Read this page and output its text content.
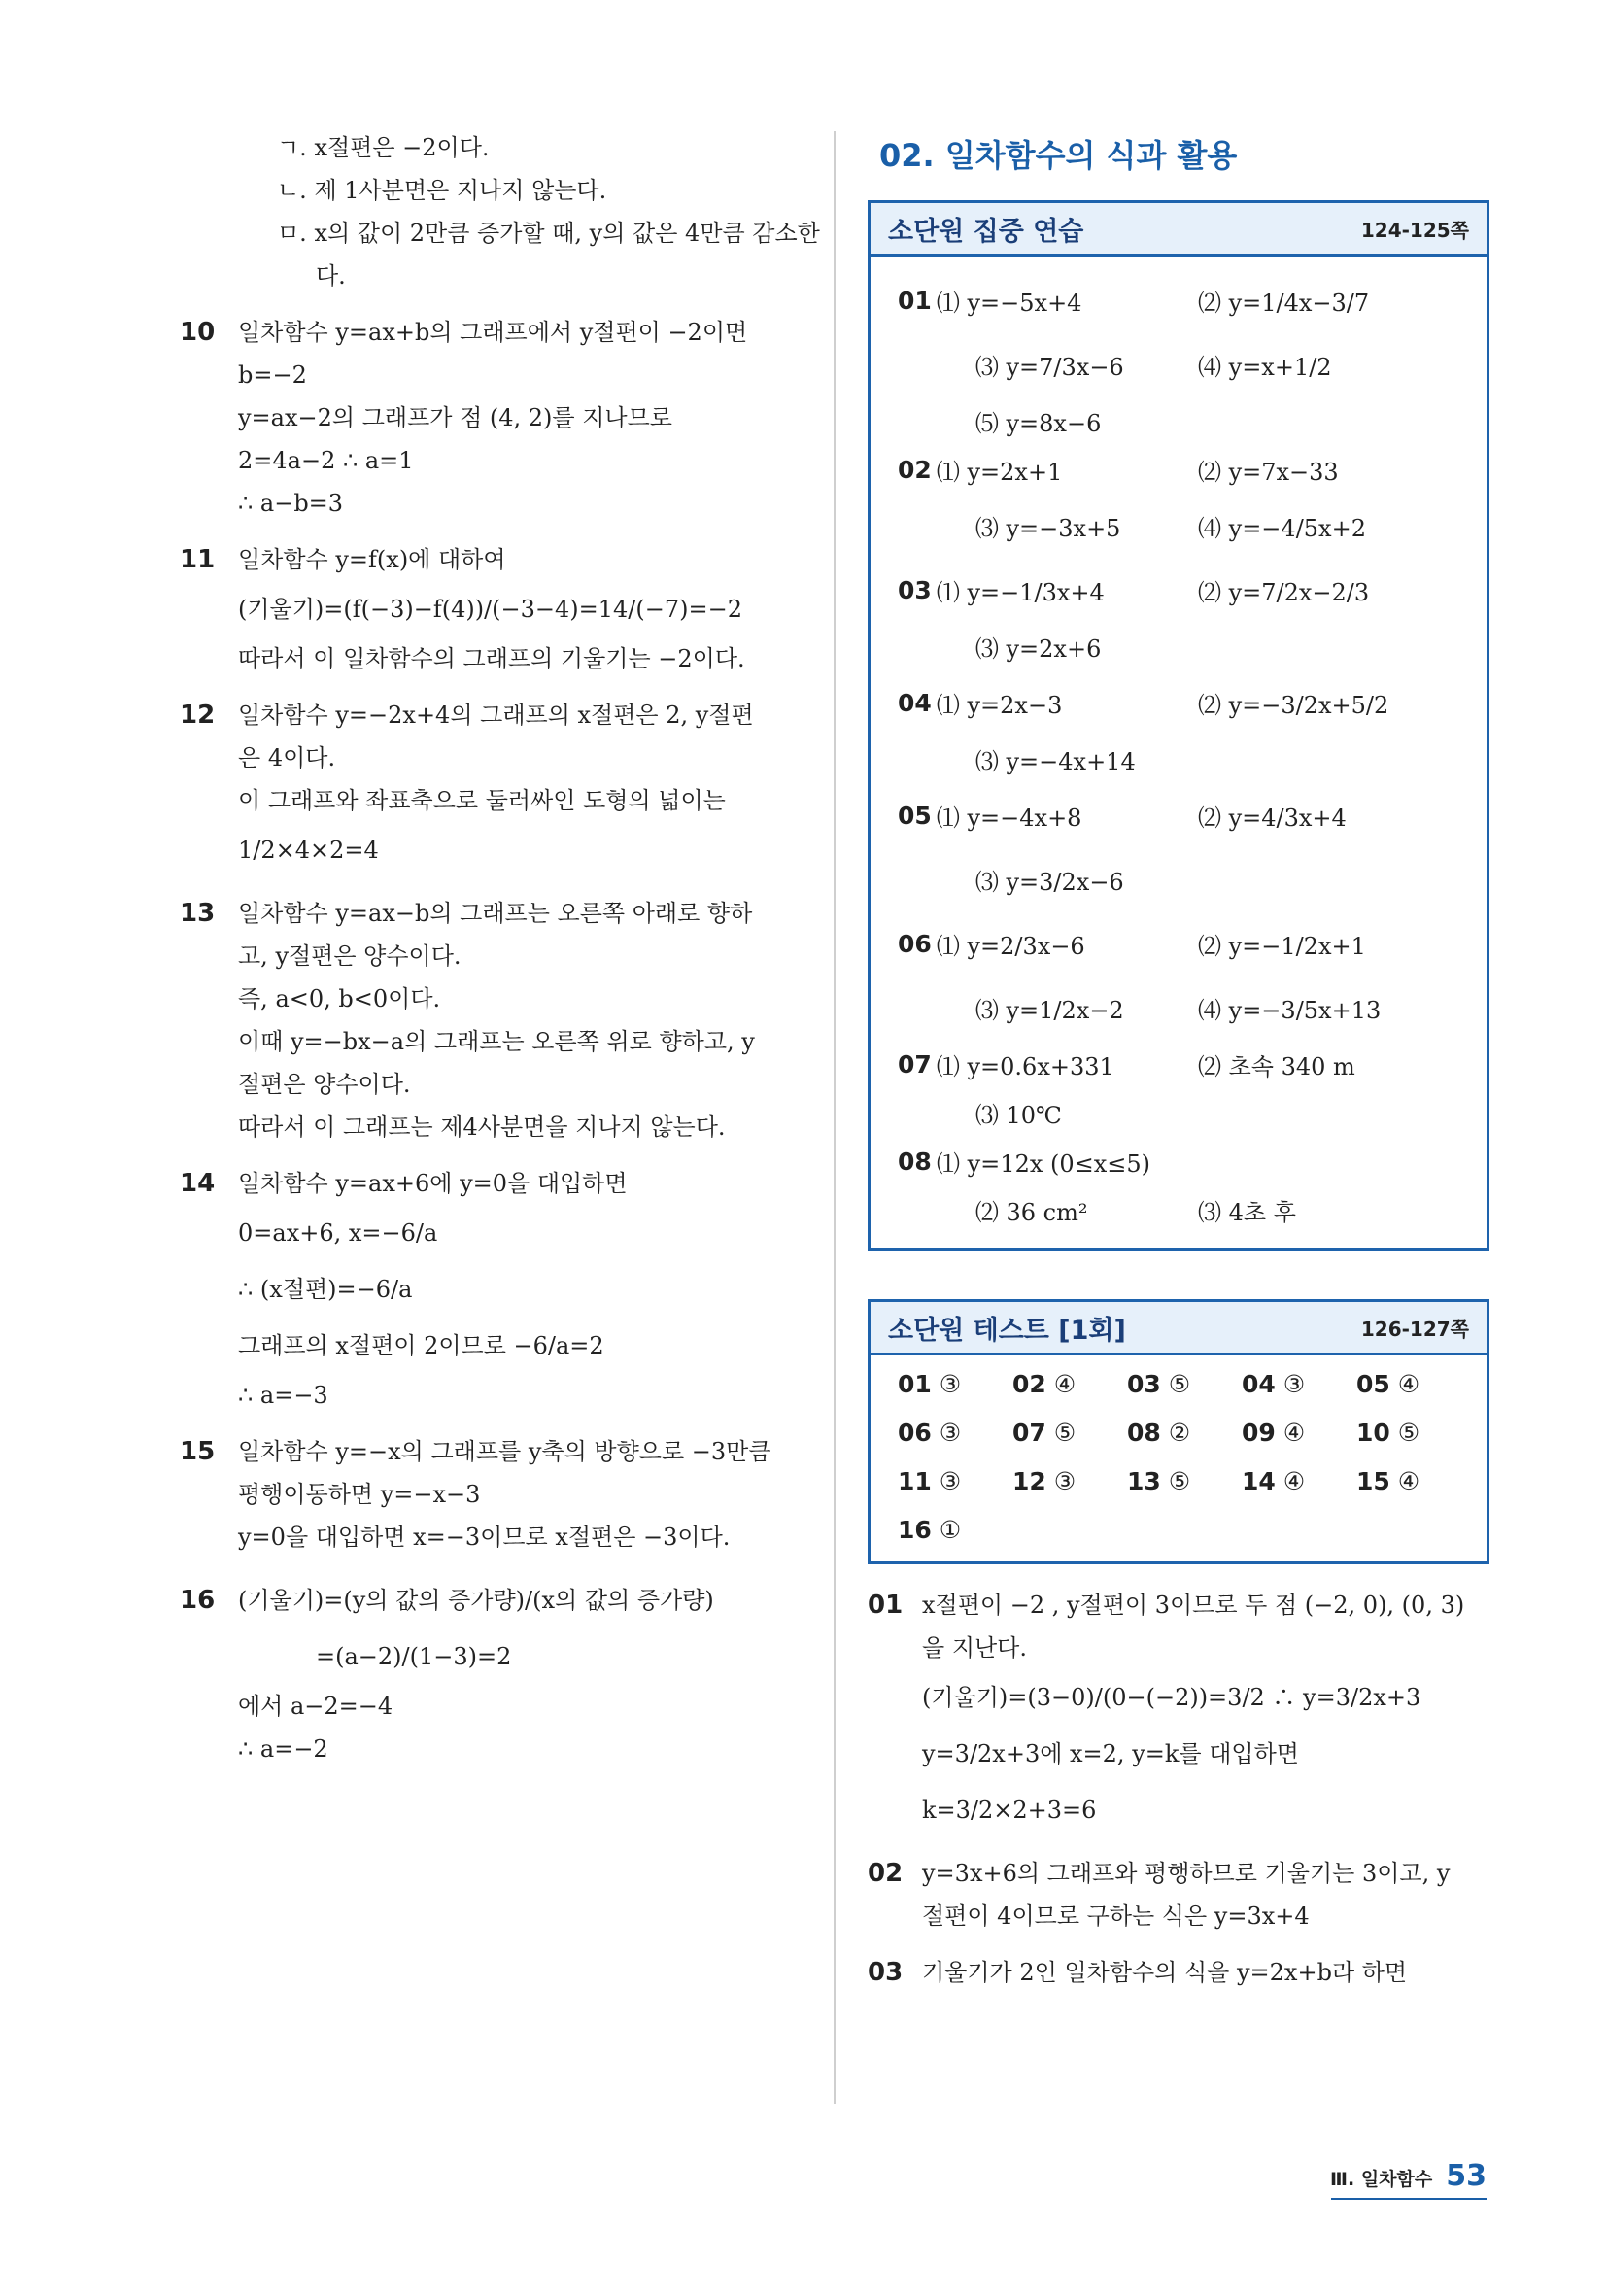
ㄱ. x절편은 −2이다.
ㄴ. 제 1사분면은 지나지 않는다.
ㅁ. x의 값이 2만큼 증가할 때, y의 값은 4만큼 감소한
다.
10 일차함수 y=ax+b의 그래프에서 y절편이 −2이면
b=−2
y=ax−2의 그래프가 점 (4, 2)를 지나므로
2=4a−2 ∴ a=1
∴ a−b=3
11 일차함수 y=f(x)에 대하여
(기울기)=(f(−3)−f(4))/(−3−4)=14/(−7)=−2
따라서 이 일차함수의 그래프의 기울기는 −2이다.
12 일차함수 y=−2x+4의 그래프의 x절편은 2, y절편
은 4이다.
이 그래프와 좌표축으로 둘러싸인 도형의 넓이는
1/2×4×2=4
13 일차함수 y=ax−b의 그래프는 오른쪽 아래로 향하
고, y절편은 양수이다.
즉, a<0, b<0이다.
이때 y=−bx−a의 그래프는 오른쪽 위로 향하고, y
절편은 양수이다.
따라서 이 그래프는 제4사분면을 지나지 않는다.
14 일차함수 y=ax+6에 y=0을 대입하면
0=ax+6, x=−6/a
∴ (x절편)=−6/a
그래프의 x절편이 2이므로 −6/a=2
∴ a=−3
15 일차함수 y=−x의 그래프를 y축의 방향으로 −3만큼
평행이동하면 y=−x−3
y=0을 대입하면 x=−3이므로 x절편은 −3이다.
16 (기울기)=(y의 값의 증가량)/(x의 값의 증가량)
=(a−2)/(1−3)=2
에서 a−2=−4
∴ a=−2
02. 일차함수의 식과 활용
소단원 집중 연습	124-125쪽
01 ⑴ y=−5x+4	⑵ y=1/4x−3/7
⑶ y=7/3x−6	⑷ y=x+1/2
⑸ y=8x−6
02 ⑴ y=2x+1	⑵ y=7x−33
⑶ y=−3x+5	⑷ y=−4/5x+2
03 ⑴ y=−1/3x+4	⑵ y=7/2x−2/3
⑶ y=2x+6
04 ⑴ y=2x−3	⑵ y=−3/2x+5/2
⑶ y=−4x+14
05 ⑴ y=−4x+8	⑵ y=4/3x+4
⑶ y=3/2x−6
06 ⑴ y=2/3x−6	⑵ y=−1/2x+1
⑶ y=1/2x−2	⑷ y=−3/5x+13
07 ⑴ y=0.6x+331	⑵ 초속 340 m
⑶ 10℃
08 ⑴ y=12x (0≤x≤5)
⑵ 36 cm²	⑶ 4초 후
소단원 테스트 [1회]	126-127쪽
01 ③	02 ④	03 ⑤	04 ③	05 ④
06 ③	07 ⑤	08 ②	09 ④	10 ⑤
11 ③	12 ③	13 ⑤	14 ④	15 ④
16 ①
01 x절편이 −2 , y절편이 3이므로 두 점 (−2, 0), (0, 3)
을 지난다.
(기울기)=(3−0)/(0−(−2))=3/2 ∴ y=3/2x+3
y=3/2x+3에 x=2, y=k를 대입하면
k=3/2×2+3=6
02 y=3x+6의 그래프와 평행하므로 기울기는 3이고, y
절편이 4이므로 구하는 식은 y=3x+4
03 기울기가 2인 일차함수의 식을 y=2x+b라 하면
Ⅲ. 일차함수 53
